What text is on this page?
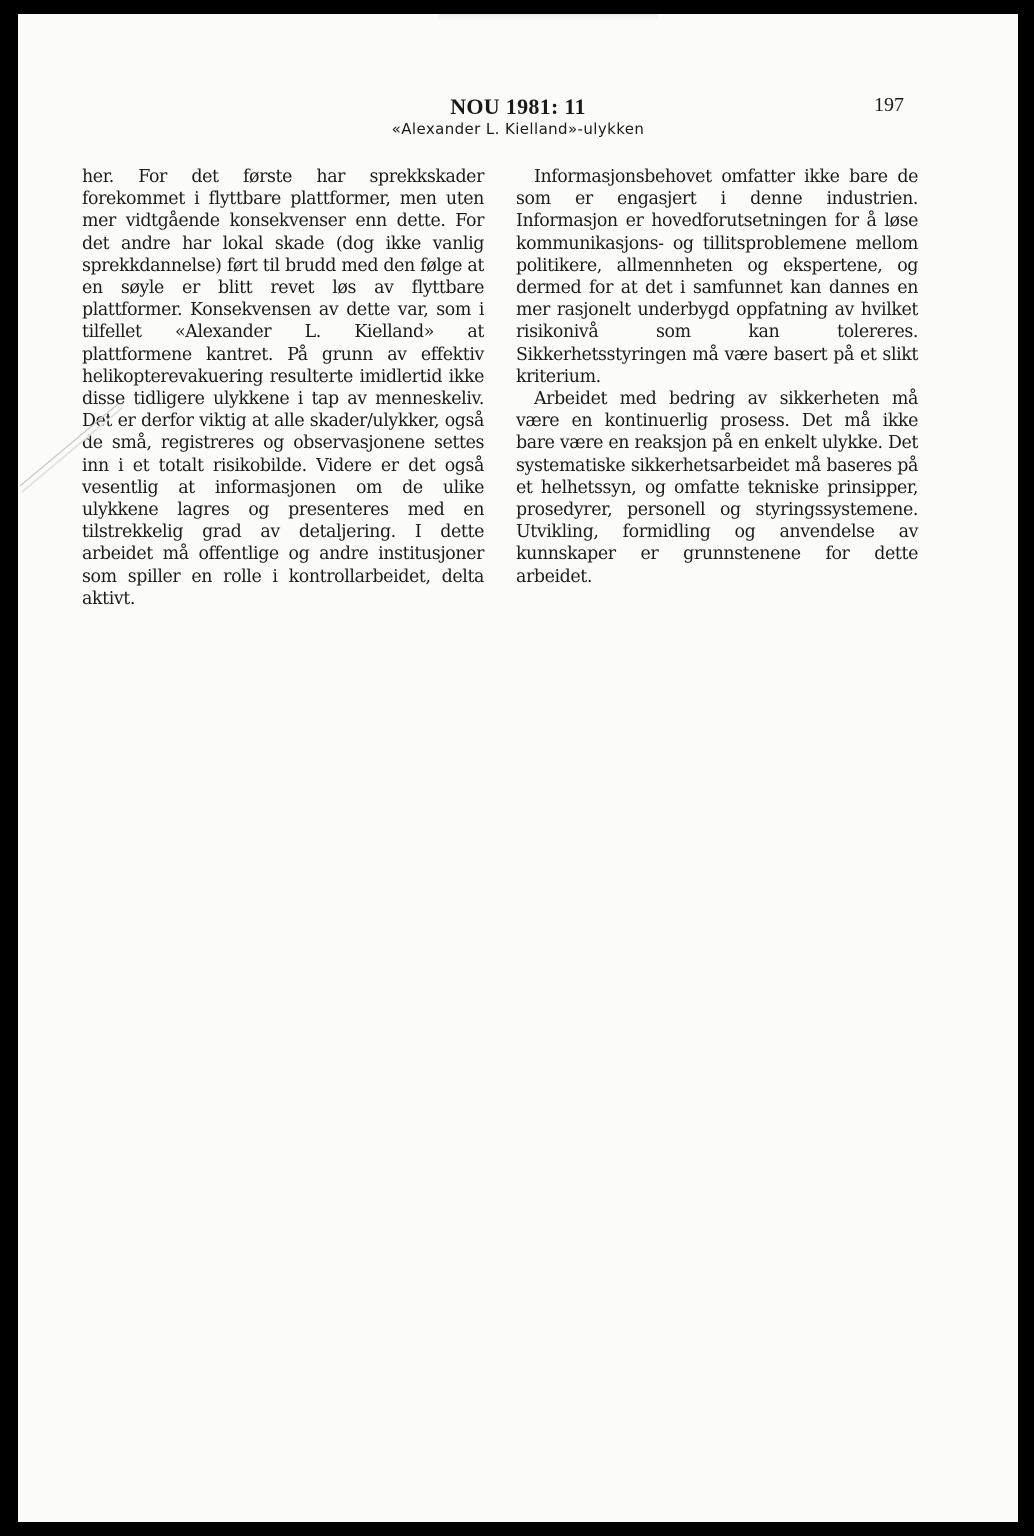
NOU 1981: 11	197
«Alexander L. Kielland»-ulykken

her. For det første har sprekkskader forekommet i flyttbare plattformer, men uten mer vidtgående konsekvenser enn dette. For det andre har lokal skade (dog ikke vanlig sprekkdannelse) ført til brudd med den følge at en søyle er blitt revet løs av flyttbare plattformer. Konsekvensen av dette var, som i tilfellet «Alexander L. Kielland» at plattformene kantret. På grunn av effektiv helikopterevakuering resulterte imidlertid ikke disse tidligere ulykkene i tap av menneskeliv. Det er derfor viktig at alle skader/ulykker, også de små, registreres og observasjonene settes inn i et totalt risikobilde. Videre er det også vesentlig at informasjonen om de ulike ulykkene lagres og presenteres med en tilstrekkelig grad av detaljering. I dette arbeidet må offentlige og andre institusjoner som spiller en rolle i kontrollarbeidet, delta aktivt.

Informasjonsbehovet omfatter ikke bare de som er engasjert i denne industrien. Informasjon er hovedforutsetningen for å løse kommunikasjons- og tillitsproblemene mellom politikere, allmennheten og ekspertene, og dermed for at det i samfunnet kan dannes en mer rasjonelt underbygd oppfatning av hvilket risikonivå som kan tolereres. Sikkerhetsstyringen må være basert på et slikt kriterium.

Arbeidet med bedring av sikkerheten må være en kontinuerlig prosess. Det må ikke bare være en reaksjon på en enkelt ulykke. Det systematiske sikkerhetsarbeidet må baseres på et helhetssyn, og omfatte tekniske prinsipper, prosedyrer, personell og styringssystemene. Utvikling, formidling og anvendelse av kunnskaper er grunnstenene for dette arbeidet.
